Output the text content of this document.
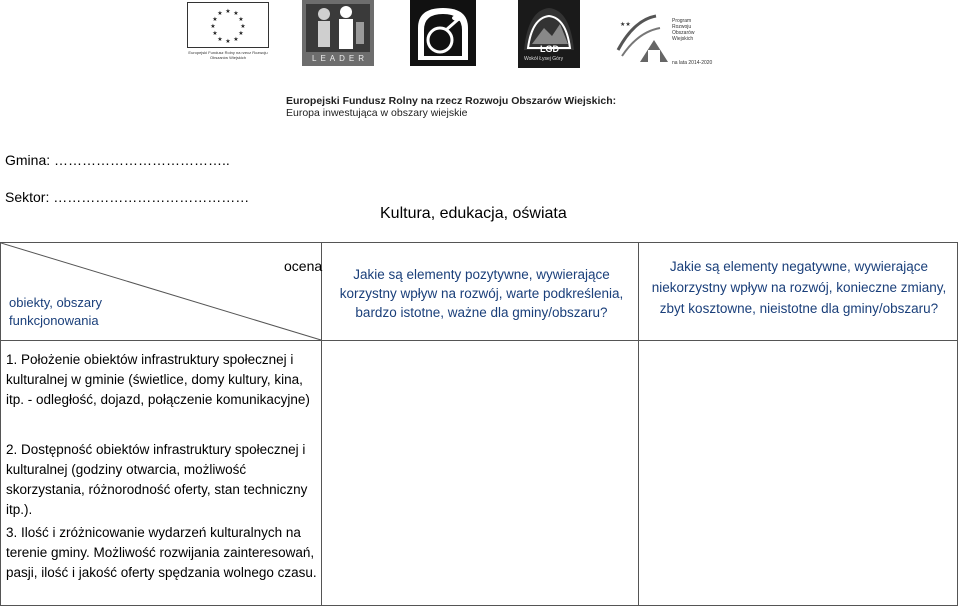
★ ★
★
★
★
★
★
★
★
★
★
★
Europejski Fundusz Rolny na rzecz Rozwoju Obszarów Wiejskich	LEADER
LGD
Wokół Łysej Góry
★★	Program
Rozwoju
Obszarów
Wiejskich
na lata 2014-2020
Europejski Fundusz Rolny na rzecz Rozwoju Obszarów Wiejskich:
Europa inwestująca w obszary wiejskie
Gmina: ………………………………..
Sektor: ……………………………………
Kultura, edukacja, oświata
ocena
obiekty, obszary
funkcjonowania
Jakie są elementy pozytywne, wywierające korzystny wpływ na rozwój, warte podkreślenia, bardzo istotne, ważne dla gminy/obszaru?
Jakie są elementy negatywne, wywierające niekorzystny wpływ na rozwój, konieczne zmiany, zbyt kosztowne, nieistotne dla gminy/obszaru?
1. Położenie obiektów infrastruktury społecznej i kulturalnej w gminie (świetlice, domy kultury, kina, itp. - odległość, dojazd, połączenie komunikacyjne)
2. Dostępność obiektów infrastruktury społecznej i kulturalnej (godziny otwarcia, możliwość skorzystania, różnorodność oferty, stan techniczny itp.).
3. Ilość i zróżnicowanie wydarzeń kulturalnych na terenie gminy. Możliwość rozwijania zainteresowań, pasji, ilość i jakość oferty spędzania wolnego czasu.
